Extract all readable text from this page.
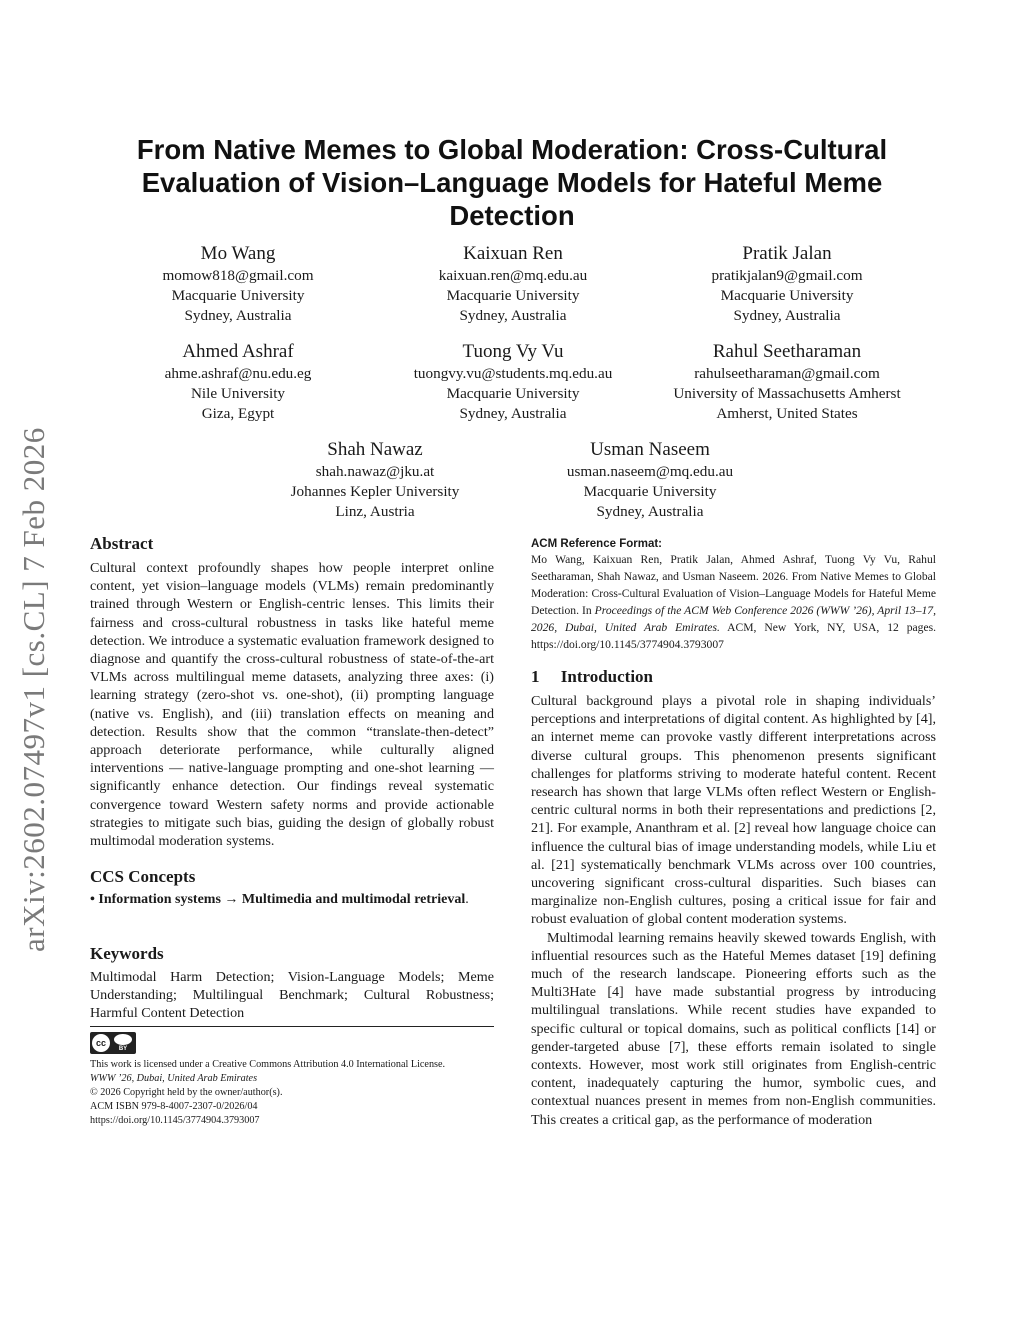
arXiv:2602.07497v1 [cs.CL] 7 Feb 2026
From Native Memes to Global Moderation: Cross-Cultural Evaluation of Vision–Language Models for Hateful Meme Detection
Mo Wang
momow818@gmail.com
Macquarie University
Sydney, Australia
Kaixuan Ren
kaixuan.ren@mq.edu.au
Macquarie University
Sydney, Australia
Pratik Jalan
pratikjalan9@gmail.com
Macquarie University
Sydney, Australia
Ahmed Ashraf
ahme.ashraf@nu.edu.eg
Nile University
Giza, Egypt
Tuong Vy Vu
tuongvy.vu@students.mq.edu.au
Macquarie University
Sydney, Australia
Rahul Seetharaman
rahulseetharaman@gmail.com
University of Massachusetts Amherst
Amherst, United States
Shah Nawaz
shah.nawaz@jku.at
Johannes Kepler University
Linz, Austria
Usman Naseem
usman.naseem@mq.edu.au
Macquarie University
Sydney, Australia
Abstract

Cultural context profoundly shapes how people interpret online content, yet vision–language models (VLMs) remain predominantly trained through Western or English-centric lenses. This limits their fairness and cross-cultural robustness in tasks like hateful meme detection. We introduce a systematic evaluation framework designed to diagnose and quantify the cross-cultural robustness of state-of-the-art VLMs across multilingual meme datasets, analyzing three axes: (i) learning strategy (zero-shot vs. one-shot), (ii) prompting language (native vs. English), and (iii) translation effects on meaning and detection. Results show that the common “translate-then-detect” approach deteriorate performance, while culturally aligned interventions — native-language prompting and one-shot learning — significantly enhance detection. Our findings reveal systematic convergence toward Western safety norms and provide actionable strategies to mitigate such bias, guiding the design of globally robust multimodal moderation systems.

CCS Concepts

• Information systems → Multimedia and multimodal retrieval.

Keywords

Multimodal Harm Detection; Vision-Language Models; Meme Understanding; Multilingual Benchmark; Cultural Robustness; Harmful Content Detection

cc
BY
This work is licensed under a Creative Commons Attribution 4.0 International License.
WWW ’26, Dubai, United Arab Emirates
© 2026 Copyright held by the owner/author(s).
ACM ISBN 979-8-4007-2307-0/2026/04
https://doi.org/10.1145/3774904.3793007

ACM Reference Format:

Mo Wang, Kaixuan Ren, Pratik Jalan, Ahmed Ashraf, Tuong Vy Vu, Rahul Seetharaman, Shah Nawaz, and Usman Naseem. 2026. From Native Memes to Global Moderation: Cross-Cultural Evaluation of Vision–Language Models for Hateful Meme Detection. In Proceedings of the ACM Web Conference 2026 (WWW ’26), April 13–17, 2026, Dubai, United Arab Emirates. ACM, New York, NY, USA, 12 pages. https://doi.org/10.1145/3774904.3793007

1     Introduction

Cultural background plays a pivotal role in shaping individuals’ perceptions and interpretations of digital content. As highlighted by [4], an internet meme can provoke vastly different interpretations across diverse cultural groups. This phenomenon presents significant challenges for platforms striving to moderate hateful content. Recent research has shown that large VLMs often reflect Western or English-centric cultural norms in both their representations and predictions [2, 21]. For example, Ananthram et al. [2] reveal how language choice can influence the cultural bias of image understanding models, while Liu et al. [21] systematically benchmark VLMs across over 100 countries, uncovering significant cross-cultural disparities. Such biases can marginalize non-English cultures, posing a critical issue for fair and robust evaluation of global content moderation systems.

Multimodal learning remains heavily skewed towards English, with influential resources such as the Hateful Memes dataset [19] defining much of the research landscape. Pioneering efforts such as the Multi3Hate [4] have made substantial progress by introducing multilingual translations. While recent studies have expanded to specific cultural or topical domains, such as political conflicts [14] or gender-targeted abuse [7], these efforts remain isolated to single contexts. However, most work still originates from English-centric content, inadequately capturing the humor, symbolic cues, and contextual nuances present in memes from non-English communities. This creates a critical gap, as the performance of moderation
